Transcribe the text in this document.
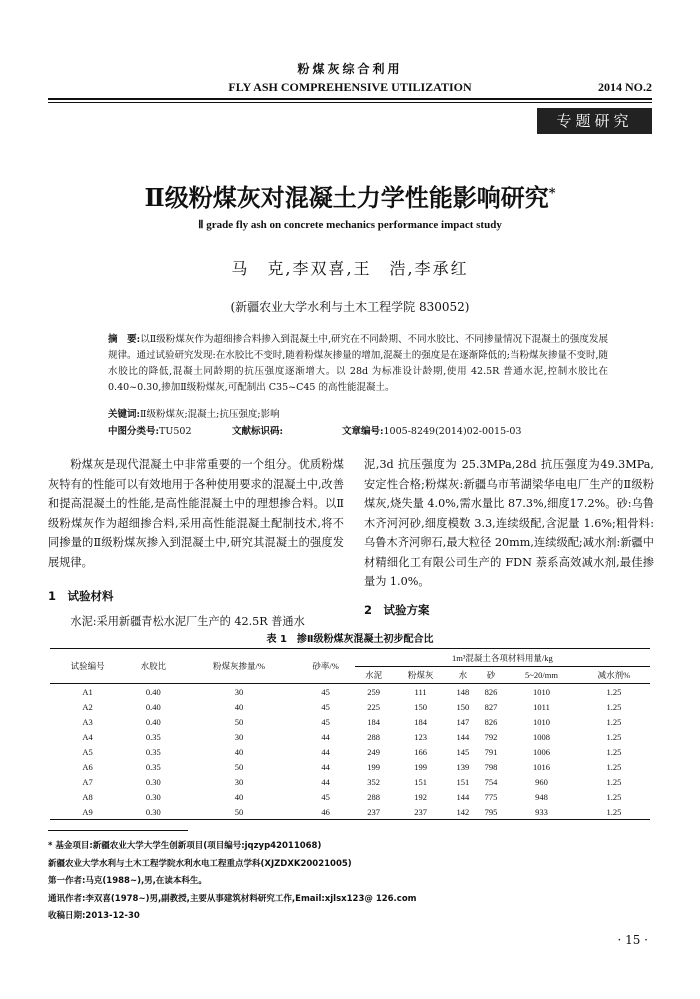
粉煤灰综合利用
FLY ASH COMPREHENSIVE UTILIZATION	2014 NO.2
专题研究
Ⅱ级粉煤灰对混凝土力学性能影响研究*
Ⅱ grade fly ash on concrete mechanics performance impact study
马　克,李双喜,王　浩,李承红
(新疆农业大学水利与土木工程学院 830052)
摘　要:以Ⅱ级粉煤灰作为超细掺合料掺入到混凝土中,研究在不同龄期、不同水胶比、不同掺量情况下混凝土的强度发展规律。通过试验研究发现:在水胶比不变时,随着粉煤灰掺量的增加,混凝土的强度是在逐渐降低的;当粉煤灰掺量不变时,随水胶比的降低,混凝土同龄期的抗压强度逐渐增大。以 28d 为标准设计龄期,使用 42.5R 普通水泥,控制水胶比在 0.40~0.30,掺加Ⅱ级粉煤灰,可配制出 C35~C45 的高性能混凝土。
关键词:Ⅱ级粉煤灰;混凝土;抗压强度;影响
中图分类号:TU502	文献标识码:	文章编号:1005-8249(2014)02-0015-03

粉煤灰是现代混凝土中非常重要的一个组分。优质粉煤灰特有的性能可以有效地用于各种使用要求的混凝土中,改善和提高混凝土的性能,是高性能混凝土中的理想掺合料。以Ⅱ级粉煤灰作为超细掺合料,采用高性能混凝土配制技术,将不同掺量的Ⅱ级粉煤灰掺入到混凝土中,研究其混凝土的强度发展规律。

1　试验材料
水泥:采用新疆青松水泥厂生产的 42.5R 普通水
泥,3d 抗压强度为 25.3MPa,28d 抗压强度为49.3MPa,安定性合格;粉煤灰:新疆乌市苇湖梁华电电厂生产的Ⅱ级粉煤灰,烧失量 4.0%,需水量比 87.3%,细度17.2%。砂:乌鲁木齐河河砂,细度模数 3.3,连续级配,含泥量 1.6%;粗骨料:乌鲁木齐河卵石,最大粒径 20mm,连续级配;减水剂:新疆中材精细化工有限公司生产的 FDN 萘系高效减水剂,最佳掺量为 1.0%。
2　试验方案
表 1　掺Ⅱ级粉煤灰混凝土初步配合比
试验编号	水胶比	粉煤灰掺量/%	砂率/%	1m³混凝土各项材料用量/kg					
				水泥	粉煤灰	水	砂	5~20/mm	减水剂%
A1	0.40	30	45	259	111	148	826	1010	1.25
A2	0.40	40	45	225	150	150	827	1011	1.25
A3	0.40	50	45	184	184	147	826	1010	1.25
A4	0.35	30	44	288	123	144	792	1008	1.25
A5	0.35	40	44	249	166	145	791	1006	1.25
A6	0.35	50	44	199	199	139	798	1016	1.25
A7	0.30	30	44	352	151	151	754	960	1.25
A8	0.30	40	45	288	192	144	775	948	1.25
A9	0.30	50	46	237	237	142	795	933	1.25
* 基金项目:新疆农业大学大学生创新项目(项目编号:jqzyp42011068)
新疆农业大学水利与土木工程学院水利水电工程重点学科(XJZDXK20021005)
第一作者:马克(1988~),男,在读本科生。
通讯作者:李双喜(1978~)男,副教授,主要从事建筑材料研究工作,Email:xjlsx123@ 126.com
收稿日期:2013-12-30
· 15 ·
